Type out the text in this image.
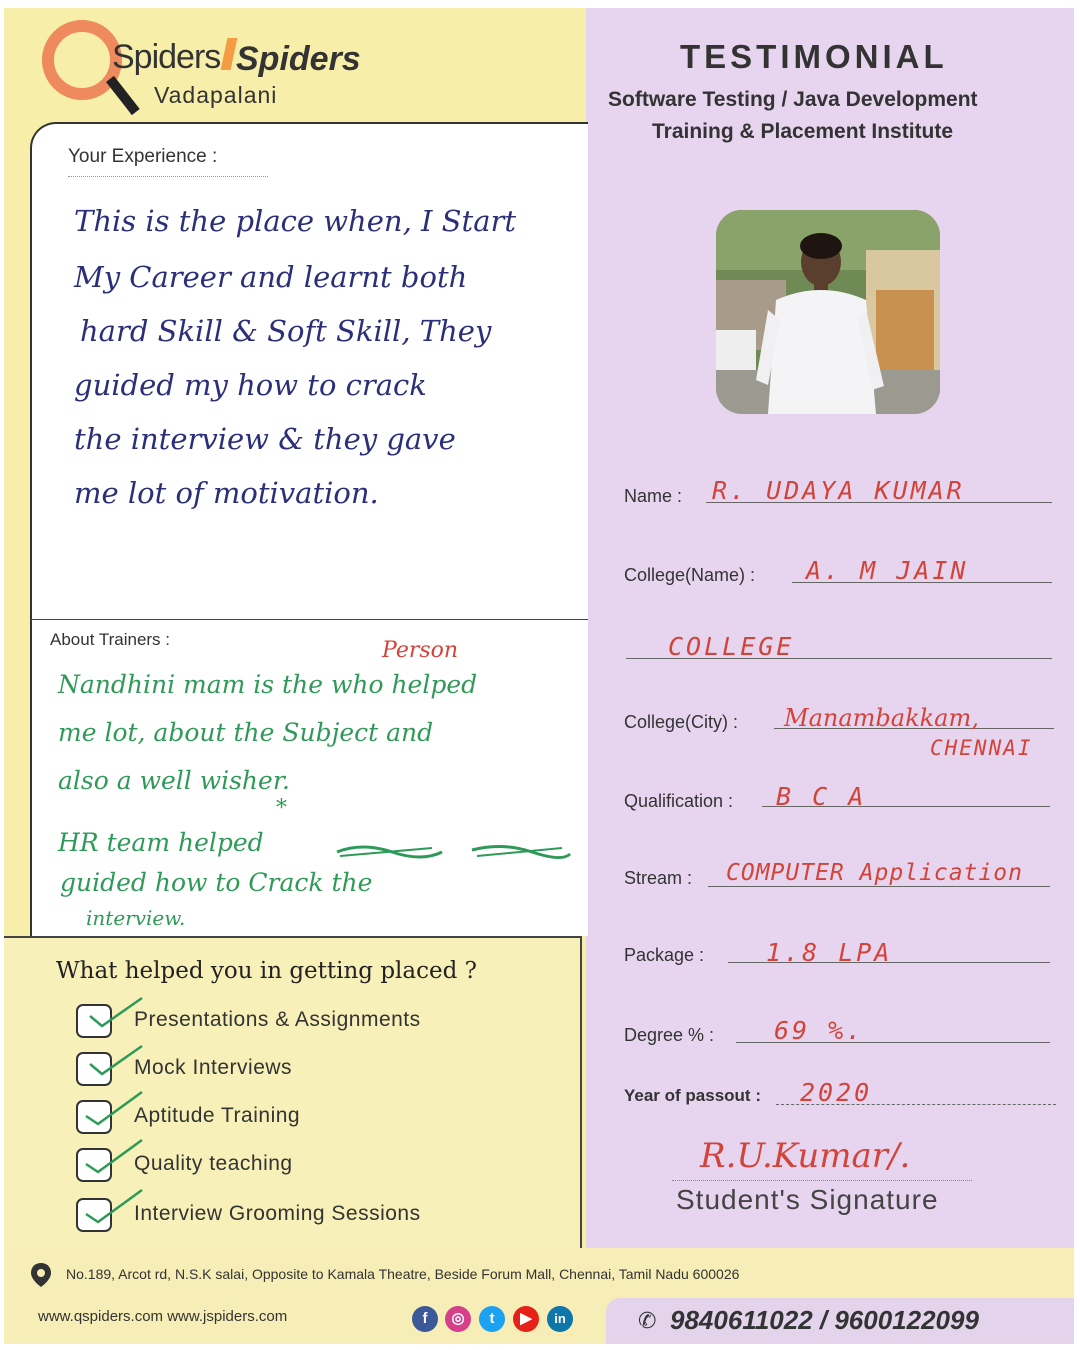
Spiders Spiders
Vadapalani
Your Experience :
This is the place when, I Start
My Career and learnt both
hard Skill & Soft Skill, They
guided my how to crack
the interview & they gave
me lot of motivation.
About Trainers :	Person
Nandhini mam is the who helped
me lot, about the Subject and
also a well wisher.
*
HR team helped
guided how to Crack the
interview.
What helped you in getting placed ?
Presentations & Assignments
Mock Interviews
Aptitude Training
Quality teaching
Interview Grooming Sessions
TESTIMONIAL
Software Testing / Java Development
Training & Placement Institute
Name : R. UDAYA KUMAR
College(Name) : A. M JAIN
COLLEGE
College(City) : Manambakkam,
CHENNAI
Qualification : B C A
Stream : COMPUTER Application
Package : 1.8 LPA
Degree % : 69 %.
Year of passout : 2020
R.U.Kumar/.
Student's Signature
No.189, Arcot rd, N.S.K salai, Opposite to Kamala Theatre, Beside Forum Mall, Chennai, Tamil Nadu 600026
www.qspiders.com www.jspiders.com	f	◎	t	▶	in	✆ 9840611022 / 9600122099
